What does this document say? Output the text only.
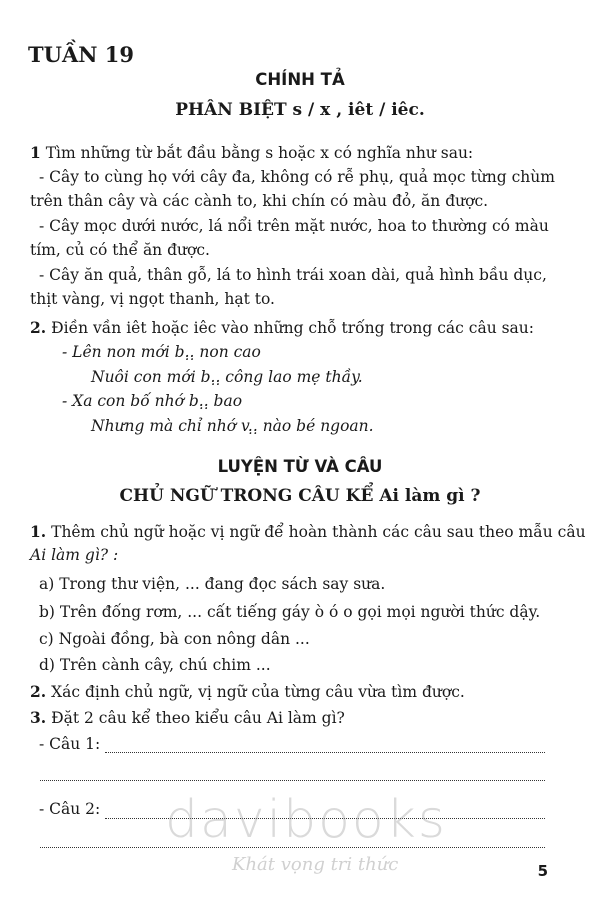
TUẦN 19
CHÍNH TẢ
PHÂN BIỆT s / x , iêt / iêc.
1 Tìm những từ bắt đầu bằng s hoặc x có nghĩa như sau:
- Cây to cùng họ với cây đa, không có rễ phụ, quả mọc từng chùm
trên thân cây và các cành to, khi chín có màu đỏ, ăn được.
- Cây mọc dưới nước, lá nổi trên mặt nước, hoa to thường có màu
tím, củ có thể ăn được.
- Cây ăn quả, thân gỗ, lá to hình trái xoan dài, quả hình bầu dục,
thịt vàng, vị ngọt thanh, hạt to.
2. Điền vần iêt hoặc iêc vào những chỗ trống trong các câu sau:
- Lên non mới b.̣.̣ non cao
Nuôi con mới b.̣.̣ công lao mẹ thầy.
- Xa con bố nhớ b.̣.̣ bao
Nhưng mà chỉ nhớ v.̣.̣ nào bé ngoan.
LUYỆN TỪ VÀ CÂU
CHỦ NGỮ TRONG CÂU KỂ Ai làm gì ?
1. Thêm chủ ngữ hoặc vị ngữ để hoàn thành các câu sau theo mẫu câu
Ai làm gì? :
a) Trong thư viện, ... đang đọc sách say sưa.
b) Trên đống rơm, ... cất tiếng gáy ò ó o gọi mọi người thức dậy.
c) Ngoài đồng, bà con nông dân ...
d) Trên cành cây, chú chim ...
2. Xác định chủ ngữ, vị ngữ của từng câu vừa tìm được.
3. Đặt 2 câu kể theo kiểu câu Ai làm gì?
- Câu 1:
- Câu 2: davibooks
Khát vọng tri thức	5
